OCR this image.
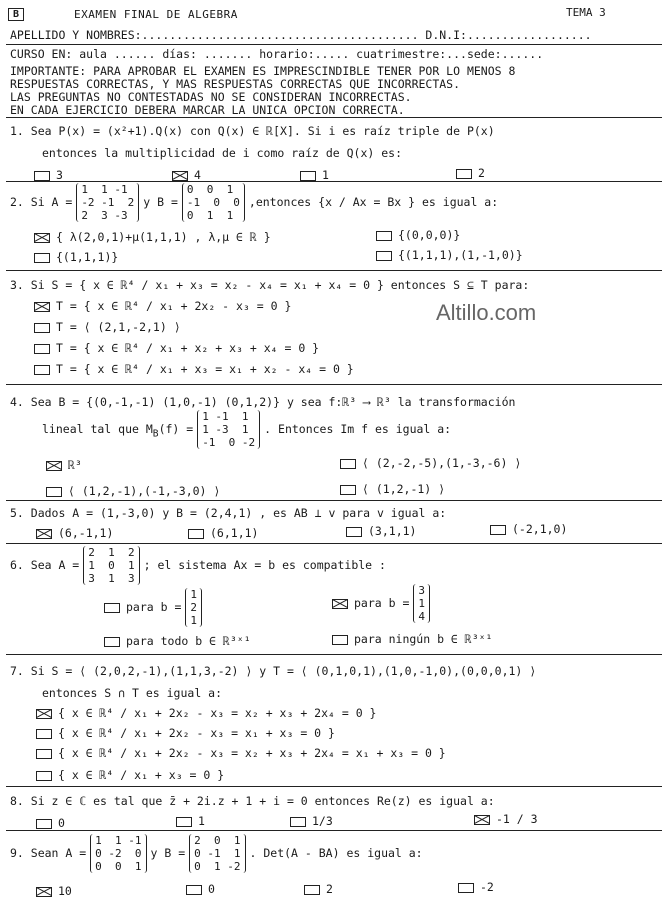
B	EXAMEN FINAL DE ALGEBRA	TEMA 3
APELLIDO Y NOMBRES:........................................ D.N.I:..................
CURSO EN: aula ...... días: ....... horario:..... cuatrimestre:...sede:......
IMPORTANTE: PARA APROBAR EL EXAMEN ES IMPRESCINDIBLE TENER POR LO MENOS 8
RESPUESTAS CORRECTAS, Y MAS RESPUESTAS CORRECTAS QUE INCORRECTAS.
LAS PREGUNTAS NO CONTESTADAS NO SE CONSIDERAN INCORRECTAS.
EN CADA EJERCICIO DEBERA MARCAR LA UNICA OPCION CORRECTA.
1. Sea P(x) = (x²+1).Q(x) con Q(x) ∈ ℝ[X]. Si i es raíz triple de P(x)
entonces la multiplicidad de i como raíz de Q(x) es:
3	4	1	2
2. Si A =
1  1 -1
-2 -1  2
2  3 -3
y B =
0  0  1
-1  0  0
0  1  1
,entonces {x / Ax = Bx } es igual a:
{ λ(2,0,1)+μ(1,1,1) , λ,μ ∈ ℝ }	{(0,0,0)}
{(1,1,1)}	{(1,1,1),(1,-1,0)}
3. Si S = { x ∈ ℝ⁴ / x₁ + x₃ = x₂ - x₄ = x₁ + x₄ = 0 } entonces S ⊆ T para:
T = { x ∈ ℝ⁴ / x₁ + 2x₂ - x₃ = 0 }
T = ⟨ (2,1,-2,1) ⟩
T = { x ∈ ℝ⁴ / x₁ + x₂ + x₃ + x₄ = 0 }
T = { x ∈ ℝ⁴ / x₁ + x₃ = x₁ + x₂ - x₄ = 0 }
Altillo.com
4. Sea B = {(0,-1,-1) (1,0,-1) (0,1,2)} y sea f:ℝ³ ⟶ ℝ³ la transformación
lineal tal que $M_B(f)$ =
1 -1  1
1 -3  1
-1  0 -2
. Entonces Im f es igual a:
ℝ³	⟨ (2,-2,-5),(1,-3,-6) ⟩
⟨ (1,2,-1),(-1,-3,0) ⟩	⟨ (1,2,-1) ⟩
5. Dados A = (1,-3,0) y B = (2,4,1) , es AB ⊥ v para v igual a:
(6,-1,1)	(6,1,1)	(3,1,1)	(-2,1,0)
6. Sea A =
2  1  2
1  0  1
3  1  3
; el sistema Ax = b es compatible :
para b =
1
2
1
para b =
3
1
4
para todo b ∈ ℝ³ˣ¹	para ningún b ∈ ℝ³ˣ¹
7. Si S = ⟨ (2,0,2,-1),(1,1,3,-2) ⟩ y T = ⟨ (0,1,0,1),(1,0,-1,0),(0,0,0,1) ⟩
entonces S ∩ T es igual a:
{ x ∈ ℝ⁴ / x₁ + 2x₂ - x₃ = x₂ + x₃ + 2x₄ = 0 }
{ x ∈ ℝ⁴ / x₁ + 2x₂ - x₃ = x₁ + x₃ = 0 }
{ x ∈ ℝ⁴ / x₁ + 2x₂ - x₃ = x₂ + x₃ + 2x₄ = x₁ + x₃ = 0 }
{ x ∈ ℝ⁴ / x₁ + x₃ = 0 }
8. Si z ∈ ℂ es tal que z̄ + 2i.z + 1 + i = 0 entonces Re(z) es igual a:
0	1	1/3	-1 / 3
9. Sean A =
1  1 -1
0 -2  0
0  0  1
y B =
2  0  1
0 -1  1
0  1 -2
. Det(A - BA) es igual a:
10	0	2	-2
